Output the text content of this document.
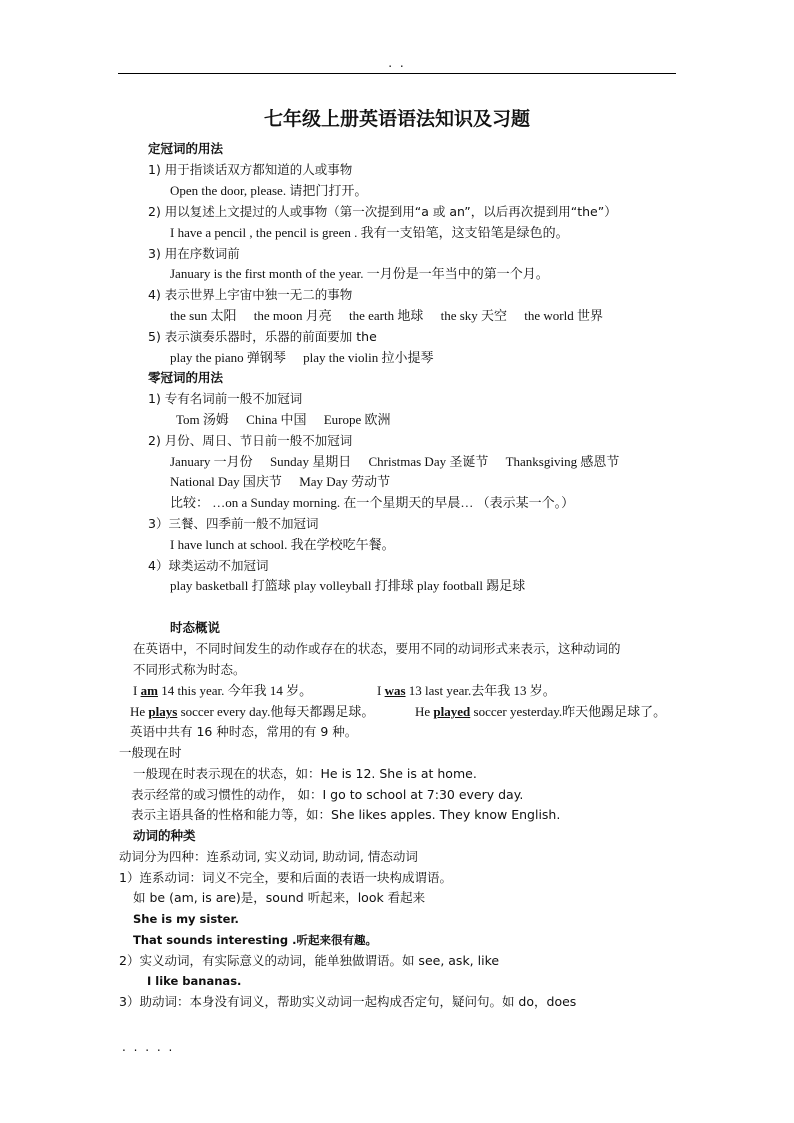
. .
七年级上册英语语法知识及习题
定冠词的用法
1) 用于指谈话双方都知道的人或事物
Open the door, please. 请把门打开。
2) 用以复述上文提过的人或事物（第一次提到用“a 或 an”，以后再次提到用“the”）
I have a pencil , the pencil is green . 我有一支铅笔，这支铅笔是绿色的。
3) 用在序数词前
January is the first month of the year. 一月份是一年当中的第一个月。
4) 表示世界上宇宙中独一无二的事物
the sun 太阳 the moon 月亮 the earth 地球 the sky 天空 the world 世界
5) 表示演奏乐器时，乐器的前面要加 the
play the piano 弹钢琴 play the violin 拉小提琴
零冠词的用法
1) 专有名词前一般不加冠词
Tom 汤姆 China 中国 Europe 欧洲
2) 月份、周日、节日前一般不加冠词
January 一月份 Sunday 星期日 Christmas Day 圣诞节 Thanksgiving 感恩节
National Day 国庆节 May Day 劳动节
比较： …on a Sunday morning. 在一个星期天的早晨… （表示某一个。）
3）三餐、四季前一般不加冠词
I have lunch at school. 我在学校吃午餐。
4）球类运动不加冠词
play basketball 打篮球 play volleyball 打排球 play football 踢足球
时态概说
在英语中，不同时间发生的动作或存在的状态，要用不同的动词形式来表示，这种动词的
不同形式称为时态。
I am 14 this year. 今年我 14 岁。	I was 13 last year.去年我 13 岁。
He plays soccer every day.他每天都踢足球。	He played soccer yesterday.昨天他踢足球了。
英语中共有 16 种时态，常用的有 9 种。
一般现在时
一般现在时表示现在的状态，如：He is 12. She is at home.
表示经常的或习惯性的动作， 如：I go to school at 7:30 every day.
表示主语具备的性格和能力等，如：She likes apples. They know English.
动词的种类
动词分为四种：连系动词, 实义动词, 助动词, 情态动词
1）连系动词：词义不完全，要和后面的表语一块构成谓语。
如 be (am, is are)是，sound 听起来，look 看起来
She is my sister.
That sounds interesting .听起来很有趣。
2）实义动词，有实际意义的动词，能单独做谓语。如 see, ask, like
I like bananas.
3）助动词：本身没有词义，帮助实义动词一起构成否定句，疑问句。如 do，does
. . . . .
